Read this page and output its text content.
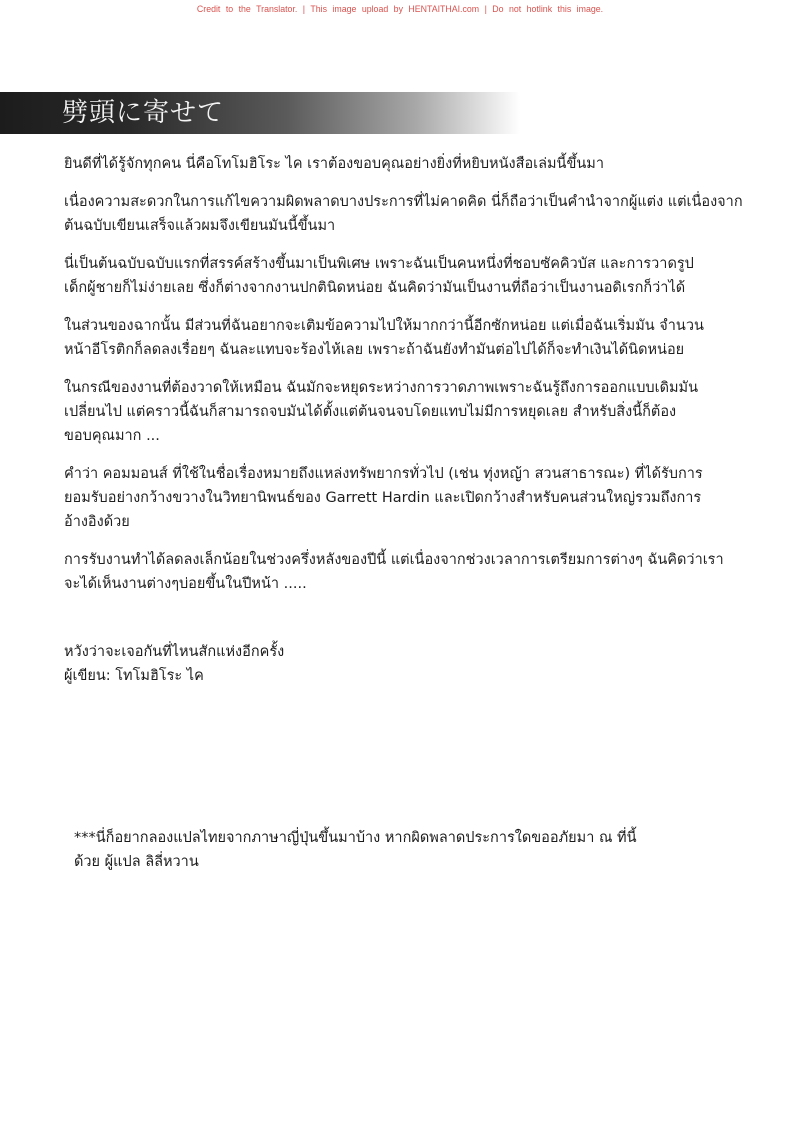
Credit to the Translator. | This image upload by HENTAITHAI.com | Do not hotlink this image.
劈頭に寄せて

ยินดีที่ได้รู้จักทุกคน นี่คือโทโมฮิโระ ไค เราต้องขอบคุณอย่างยิ่งที่หยิบหนังสือเล่มนี้ขึ้นมา

เนื่องความสะดวกในการแก้ไขความผิดพลาดบางประการที่ไม่คาดคิด นี่ก็ถือว่าเป็นคำนำจากผู้แต่ง แต่เนื่องจาก
ต้นฉบับเขียนเสร็จแล้วผมจึงเขียนมันนี้ขึ้นมา

นี่เป็นต้นฉบับฉบับแรกที่สรรค์สร้างขึ้นมาเป็นพิเศษ เพราะฉันเป็นคนหนึ่งที่ชอบซัคคิวบัส และการวาดรูป
เด็กผู้ชายก็ไม่ง่ายเลย ซึ่งก็ต่างจากงานปกตินิดหน่อย ฉันคิดว่ามันเป็นงานที่ถือว่าเป็นงานอดิเรกก็ว่าได้

ในส่วนของฉากนั้น มีส่วนที่ฉันอยากจะเติมข้อความไปให้มากกว่านี้อีกซักหน่อย แต่เมื่อฉันเริ่มมัน จำนวน
หน้าอีโรติกก็ลดลงเรื่อยๆ ฉันละแทบจะร้องไห้เลย เพราะถ้าฉันยังทำมันต่อไปได้ก็จะทำเงินได้นิดหน่อย

ในกรณีของงานที่ต้องวาดให้เหมือน ฉันมักจะหยุดระหว่างการวาดภาพเพราะฉันรู้ถึงการออกแบบเดิมมัน
เปลี่ยนไป แต่คราวนี้ฉันก็สามารถจบมันได้ตั้งแต่ต้นจนจบโดยแทบไม่มีการหยุดเลย สำหรับสิ่งนี้ก็ต้อง
ขอบคุณมาก ...

คำว่า คอมมอนส์ ที่ใช้ในชื่อเรื่องหมายถึงแหล่งทรัพยากรทั่วไป (เช่น ทุ่งหญ้า สวนสาธารณะ) ที่ได้รับการ
ยอมรับอย่างกว้างขวางในวิทยานิพนธ์ของ Garrett Hardin และเปิดกว้างสำหรับคนส่วนใหญ่รวมถึงการ
อ้างอิงด้วย

การรับงานทำได้ลดลงเล็กน้อยในช่วงครึ่งหลังของปีนี้ แต่เนื่องจากช่วงเวลาการเตรียมการต่างๆ ฉันคิดว่าเรา
จะได้เห็นงานต่างๆบ่อยขึ้นในปีหน้า .....

หวังว่าจะเจอกันที่ไหนสักแห่งอีกครั้ง
ผู้เขียน: โทโมฮิโระ ไค
***นี่ก็อยากลองแปลไทยจากภาษาญี่ปุ่นขึ้นมาบ้าง หากผิดพลาดประการใดขออภัยมา ณ ที่นี้
ด้วย ผู้แปล ลิลี่หวาน
